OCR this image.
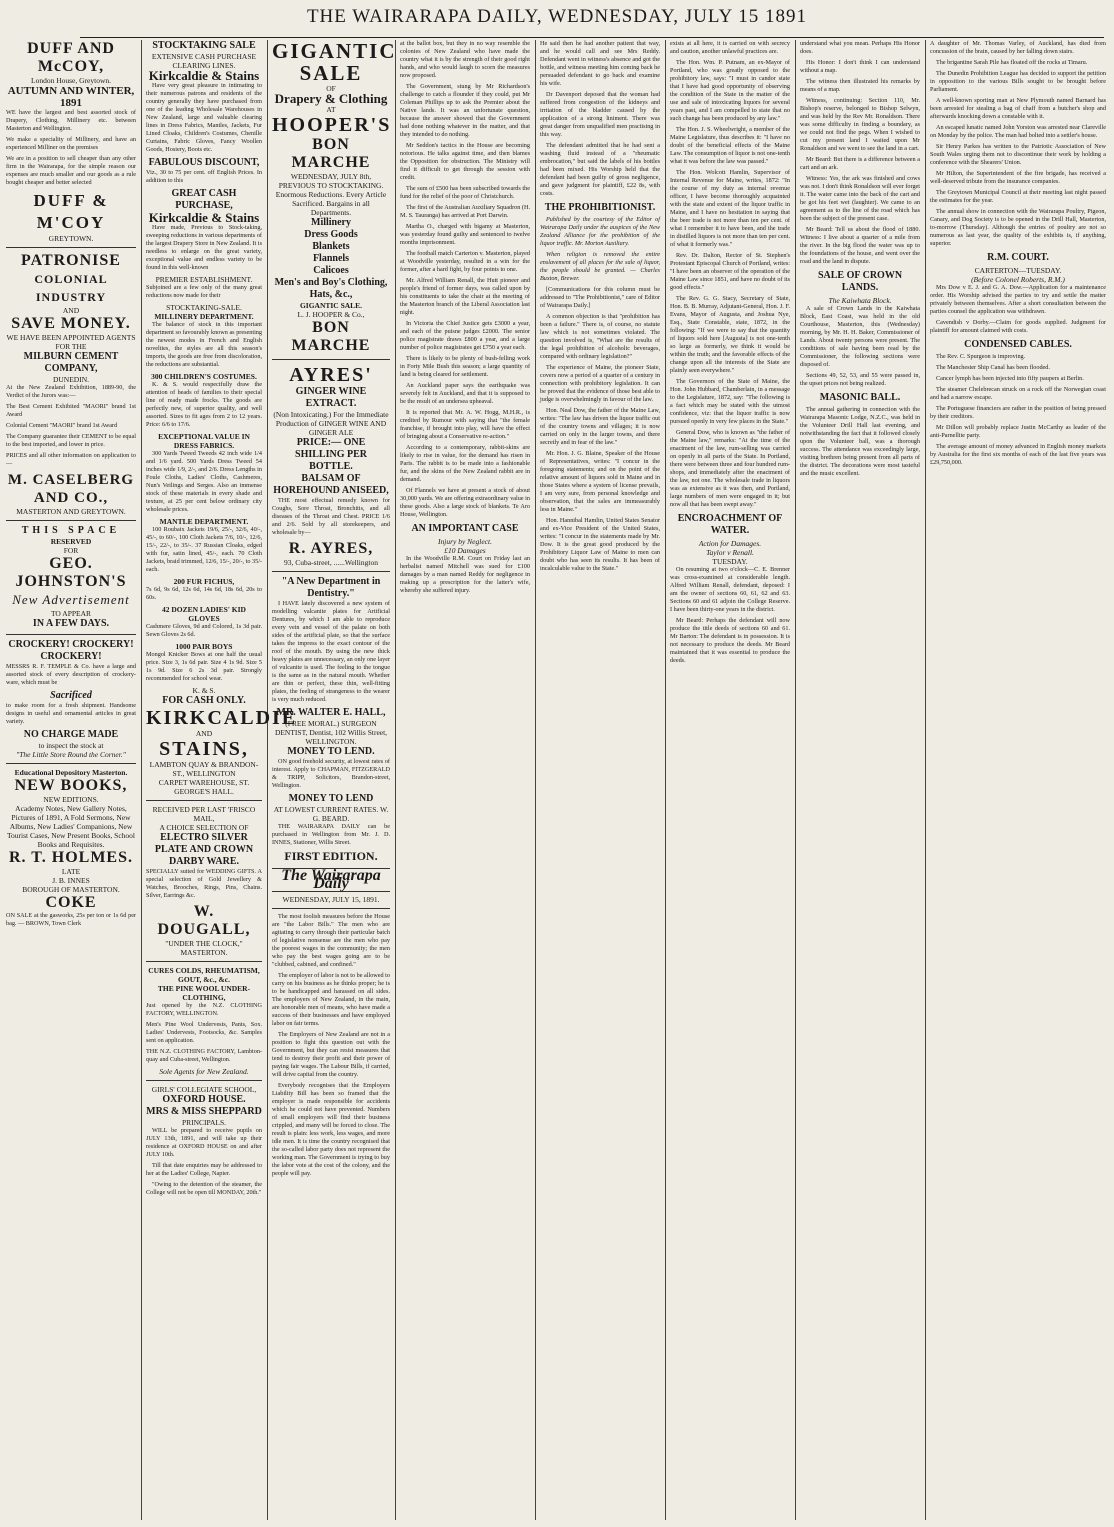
THE WAIRARAPA DAILY, WEDNESDAY, JULY 15 1891
DUFF AND McCOY,
London House, Greytown.
AUTUMN AND WINTER, 1891

WE have the largest and best assorted stock of Drapery, Clothing, Millinery etc. between Masterton and Wellington.

We make a speciality of Millinery, and have an experienced Milliner on the premises

We are in a position to sell cheaper than any other firm in the Wairarapa, for the simple reason our expenses are much smaller and our goods as a rule bought cheaper and better selected

DUFF & M'COY
GREYTOWN.
PATRONISE
COLONIAL INDUSTRY
AND
SAVE MONEY.
WE HAVE BEEN APPOINTED AGENTS FOR THE
MILBURN CEMENT COMPANY,
DUNEDIN.

At the New Zealand Exhibition, 1889-90, the Verdict of the Jurors was:—

The Best Cement Exhibited "MAORI" brand 1st Award

Colonial Cement "MAORI" brand 1st Award

The Company guarantee their CEMENT to be equal to the best imported, and lower in price.

PRICES and all other information on application to—

M. CASELBERG AND CO.,
MASTERTON AND GREYTOWN.
THIS SPACE
RESERVED
FOR
GEO.
JOHNSTON'S
New Advertisement
TO APPEAR
IN A FEW DAYS.
CROCKERY! CROCKERY! CROCKERY!

MESSRS R. F. TEMPLE & Co. have a large and assorted stock of every description of crockery-ware, which must be

Sacrificed

to make room for a fresh shipment. Handsome designs in useful and ornamental articles in great variety.

NO CHARGE MADE
to inspect the stock at
"The Little Store Round the Corner."
Educational Depository Masterton.
NEW BOOKS,
NEW EDITIONS.
Academy Notes, New Gallery Notes, Pictures of 1891, A Fold Sermons, New Albums, New Ladies' Companions, New Tourist Cases, New Present Books, School Books and Requisites.
R. T. HOLMES.
LATE
J. B. INNES
BOROUGH OF MASTERTON.
COKE

ON SALE at the gasworks, 25s per ton or 1s 6d per bag. — BROWN, Town Clerk

STOCKTAKING SALE
EXTENSIVE CASH PURCHASE CLEARING LINES.
Kirkcaldie & Stains

Have very great pleasure in intimating to their numerous patrons and residents of the country generally they have purchased from one of the leading Wholesale Warehouses in New Zealand, large and valuable clearing lines in Dress Fabrics, Mantles, Jackets, Fur Lined Cloaks, Children's Costumes, Chenille Curtains, Fabric Gloves, Fancy Woollen Goods, Hosiery, Boots etc.

FABULOUS DISCOUNT,

Viz., 30 to 75 per cent. off English Prices. In addition to this

GREAT CASH PURCHASE,
Kirkcaldie & Stains

Have made, Previous to Stock-taking, sweeping reductions in various departments of the largest Drapery Store in New Zealand. It is needless to enlarge on the great variety, exceptional value and endless variety to be found in this well-known

PREMIER ESTABLISHMENT.

Subjoined are a few only of the many great reductions now made for their

STOCKTAKING-SALE.
MILLINERY DEPARTMENT.

The balance of stock in this important department so favourably known as presenting the newest modes in French and English novelties, the styles are all this season's imports, the goods are free from discoloration, the reductions are substantial.

300 CHILDREN'S COSTUMES.

K. & S. would respectfully draw the attention of heads of families to their special line of ready made frocks. The goods are perfectly new, of superior quality, and well assorted. Sizes to fit ages from 2 to 12 years. Price: 6/6 to 17/6.

EXCEPTIONAL VALUE IN DRESS FABRICS.

300 Yards Tweed Tweeds 42 inch wide 1/4 and 1/6 yard. 500 Yards Dress Tweed 54 inches wide 1/9, 2/-, and 2/6. Dress Lengths in Foule Cloths, Ladies' Cloths, Cashmeres, Nun's Veilings and Serges. Also an immense stock of these materials in every shade and texture, at 25 per cent below ordinary city wholesale prices.

MANTLE DEPARTMENT.

100 Roubaix Jackets 19/6, 25/-, 32/6, 40/-, 45/-, to 60/-, 100 Cloth Jackets 7/6, 10/-, 12/6, 15/-, 22/-, to 35/-. 37 Russian Cloaks, edged with fur, satin lined, 45/-, each. 70 Cloth Jackets, braid trimmed, 12/6, 15/-, 20/-, to 35/- each.

200 FUR FICHUS,

7s 6d, 9s 6d, 12s 6d, 14s 6d, 18s 6d, 20s to 60s.

42 DOZEN LADIES' KID GLOVES

Cashmere Gloves, 9d and Colored, 1s 3d pair. Sewn Gloves 2s 6d.

1000 PAIR BOYS

Mongol Knicker Bows at one half the usual price. Size 3, 1s 6d pair. Size 4 1s 9d. Size 5 1s 9d. Size 6 2s 3d pair. Strongly recommended for school wear.

K. & S.
FOR CASH ONLY.
KIRKCALDIE
AND
STAINS,
LAMBTON QUAY & BRANDON-ST., WELLINGTON
CARPET WAREHOUSE, ST. GEORGE'S HALL.
RECEIVED PER LAST 'FRISCO MAIL,
A CHOICE SELECTION OF
ELECTRO SILVER PLATE AND CROWN DARBY WARE.

SPECIALLY suited for WEDDING GIFTS. A special selection of Gold Jewellery & Watches, Brooches, Rings, Pins, Chains. Silver, Earrings &c.

W. DOUGALL,
"UNDER THE CLOCK,"
MASTERTON.
CURES COLDS, RHEUMATISM, GOUT, &c., &c.
THE PINE WOOL UNDER-CLOTHING,

Just opened by the N.Z. CLOTHING FACTORY, WELLINGTON.

Men's Pine Wool Undervests, Pants, Sox. Ladies' Undervests, Footsocks, &c. Samples sent on application.

THE N.Z. CLOTHING FACTORY, Lambton-quay and Cuba-street, Wellington.

Sole Agents for New Zealand.
GIRLS' COLLEGIATE SCHOOL,
OXFORD HOUSE.
MRS & MISS SHEPPARD
PRINCIPALS.

WILL be prepared to receive pupils on JULY 13th, 1891, and will take up their residence at OXFORD HOUSE on and after JULY 10th.

Till that date enquiries may be addressed to her at the Ladies' College, Napier.

"Owing to the detention of the steamer, the College will not be open till MONDAY, 20th."

GIGANTIC SALE
OF
Drapery & Clothing
AT
HOOPER'S
BON MARCHE
WEDNESDAY, JULY 8th, PREVIOUS TO STOCKTAKING.
Enormous Reductions. Every Article Sacrificed. Bargains in all Departments.
Millinery
Dress Goods
Blankets
Flannels
Calicoes
Men's and Boy's Clothing, Hats, &c.,
GIGANTIC SALE.
L. J. HOOPER & Co.,
BON MARCHE
AYRES'
GINGER WINE EXTRACT.
(Non Intoxicating.) For the Immediate Production of GINGER WINE AND GINGER ALE
PRICE:— ONE SHILLING PER BOTTLE.
BALSAM OF HOREHOUND ANISEED,

THE most effectual remedy known for Coughs, Sore Throat, Bronchitis, and all diseases of the Throat and Chest. PRICE 1/6 and 2/6. Sold by all storekeepers, and wholesale by—

R. AYRES,
93, Cuba-street, ......Wellington
"A New Department in Dentistry."

I HAVE lately discovered a new system of modelling valcanite plates for Artificial Dentures, by which I am able to reproduce every vein and vessel of the palate on both sides of the artificial plate, so that the surface takes the impress to the exact contour of the roof of the mouth. By using the new thick heavy plates are unnecessary, an only one layer of vulcanite is used. The feeling to the tongue is the same as in the natural mouth. Whether are thin or perfect, these thin, well-fitting plates, the feeling of strangeness to the wearer is very much reduced.

MR. WALTER E. HALL,
(FREE MORAL.) SURGEON DENTIST, Dentist, 102 Willis Street, WELLINGTON.
MONEY TO LEND.

ON good freehold security, at lowest rates of interest. Apply to CHAPMAN, FITZGERALD & TRIPP, Solicitors, Brandon-street, Wellington.

MONEY TO LEND
AT LOWEST CURRENT RATES. W. G. BEARD.

THE WAIRARAPA DAILY can be purchased in Wellington from Mr. J. D. INNES, Stationer, Willis Street.

FIRST EDITION.
The Wairarapa Daily
WEDNESDAY, JULY 15, 1891.

The most foolish measures before the House are "the Labor Bills." The men who are agitating to carry through their particular batch of legislative nonsense are the men who pay the poorest wages in the community; the men who pay the best wages going are to be "clubbed, cabined, and confined."

The employer of labor is not to be allowed to carry on his business as he thinks proper; he is to be handicapped and harassed on all sides. The employers of New Zealand, in the main, are honorable men of means, who have made a success of their businesses and have employed labor on fair terms.

The Employers of New Zealand are not in a position to fight this question out with the Government, but they can resist measures that tend to destroy their profit and their power of paying fair wages. The Labour Bills, if carried, will drive capital from the country.

Everybody recognises that the Employers Liability Bill has been so framed that the employer is made responsible for accidents which he could not have prevented. Numbers of small employers will find their business crippled, and many will be forced to close. The result is plain: less work, less wages, and more idle men. It is time the country recognised that the so-called labor party does not represent the working man. The Government is trying to buy the labor vote at the cost of the colony, and the people will pay.

at the ballot box, but they in no way resemble the colonies of New Zealand who have made the country what it is by the strength of their good right hands, and who would laugh to scorn the measures now proposed.

The Government, stung by Mr Richardson's challenge to catch a flounder if they could, put Mr Coleman Phillips up to ask the Premier about the Native lands. It was an unfortunate question, because the answer showed that the Government had done nothing whatever in the matter, and that they intended to do nothing.

Mr Seddon's tactics in the House are becoming notorious. He talks against time, and then blames the Opposition for obstruction. The Ministry will find it difficult to get through the session with credit.

The sum of £500 has been subscribed towards the fund for the relief of the poor of Christchurch.

The first of the Australian Auxiliary Squadron (H. M. S. Tauranga) has arrived at Port Darwin.

Martha O., charged with bigamy at Masterton, was yesterday found guilty and sentenced to twelve months imprisonment.

The football match Carterton v. Masterton, played at Woodville yesterday, resulted in a win for the former, after a hard fight, by four points to one.

Mr. Alfred William Renall, the Hutt pioneer and people's friend of former days, was called upon by his constituents to take the chair at the meeting of the Masterton branch of the Liberal Association last night.

In Victoria the Chief Justice gets £3000 a year, and each of the puisne judges £2000. The senior police magistrate draws £800 a year, and a large number of police magistrates get £750 a year each.

There is likely to be plenty of bush-felling work in Forty Mile Bush this season; a large quantity of land is being cleared for settlement.

An Auckland paper says the earthquake was severely felt in Auckland, and that it is supposed to be the result of an undersea upheaval.

It is reported that Mr. A. W. Hogg, M.H.R., is credited by Rumour with saying that "the female franchise, if brought into play, will have the effect of bringing about a Conservative re-action."

According to a contemporary, rabbit-skins are likely to rise in value, for the demand has risen in Paris. The rabbit is to be made into a fashionable fur, and the skins of the New Zealand rabbit are in demand.

Of Flannels we have at present a stock of about 30,000 yards. We are offering extraordinary value in these goods. Also a large stock of blankets. Te Aro House, Wellington.

AN IMPORTANT CASE
Injury by Neglect.
£10 Damages

In the Woodville R.M. Court on Friday last an herbalist named Mitchell was sued for £100 damages by a man named Reddy for negligence in making up a prescription for the latter's wife, whereby she suffered injury.

He said then he had another patient that way, and he would call and see Mrs Reddy. Defendant went in witness's absence and got the bottle, and witness meeting him coming back he persuaded defendant to go back and examine his wife.

Dr Davenport deposed that the woman had suffered from congestion of the kidneys and irritation of the bladder caused by the application of a strong liniment. There was great danger from unqualified men practising in this way.

The defendant admitted that he had sent a washing fluid instead of a "rheumatic embrocation," but said the labels of his bottles had been mixed. His Worship held that the defendant had been guilty of gross negligence, and gave judgment for plaintiff, £22 8s, with costs.

THE PROHIBITIONIST.

Published by the courtesy of the Editor of Wairarapa Daily under the auspices of the New Zealand Alliance for the prohibition of the liquor traffic. Mr. Morton Auxiliary.

When religion is removed the entire enslavement of all places for the sale of liquor, the people should be granted. — Charles Buxton, Brewer.

[Communications for this column must be addressed to "The Prohibitionist," care of Editor of Wairarapa Daily.]

A common objection is that "prohibition has been a failure." There is, of course, no statute law which is not sometimes violated. The question involved is, "What are the results of the legal prohibition of alcoholic beverages, compared with ordinary legislation?"

The experience of Maine, the pioneer State, covers now a period of a quarter of a century in connection with prohibitory legislation. It can be proved that the evidence of those best able to judge is overwhelmingly in favour of the law.

Hon. Neal Dow, the father of the Maine Law, writes: "The law has driven the liquor traffic out of the country towns and villages; it is now carried on only in the larger towns, and there secretly and in fear of the law."

Mr. Hon. J. G. Blaine, Speaker of the House of Representatives, writes: "I concur in the foregoing statements; and on the point of the relative amount of liquors sold in Maine and in those States where a system of license prevails, I am very sure, from personal knowledge and observation, that the sales are immeasurably less in Maine."

Hon. Hannibal Hamlin, United States Senator and ex-Vice President of the United States, writes: "I concur in the statements made by Mr. Dow. It is the great good produced by the Prohibitory Liquor Law of Maine to men can doubt who has seen its results. It has been of incalculable value to the State."

exists at all here, it is carried on with secrecy and caution, another unlawful practices are.

The Hon. Wm. P. Putnam, an ex-Mayor of Portland, who was greatly opposed to the prohibitory law, says: "I must in candor state that I have had good opportunity of observing the condition of the State in the matter of the use and sale of intoxicating liquors for several years past, and I am compelled to state that no such change has been produced by any law."

The Hon. J. S. Wheelwright, a member of the Maine Legislature, thus describes it: "I have no doubt of the beneficial effects of the Maine Law. The consumption of liquor is not one-tenth what it was before the law was passed."

The Hon. Wolcott Hamlin, Supervisor of Internal Revenue for Maine, writes, 1872: "In the course of my duty as internal revenue officer, I have become thoroughly acquainted with the state and extent of the liquor traffic in Maine, and I have no hesitation in saying that the beer trade is not more than ten per cent. of what I remember it to have been, and the trade in distilled liquors is not more than ten per cent. of what it formerly was."

Rev. Dr. Dalton, Rector of St. Stephen's Protestant Episcopal Church of Portland, writes: "I have been an observer of the operation of the Maine Law since 1851, and have no doubt of its good effects."

The Rev. G. G. Stacy, Secretary of State, Hon. B. B. Murray, Adjutant-General, Hon. J. F. Evans, Mayor of Augusta, and Joshua Nye, Esq., State Constable, state, 1872, in the following: "If we were to say that the quantity of liquors sold here [Augusta] is not one-tenth so large as formerly, we think it would be within the truth; and the favorable effects of the change upon all the interests of the State are plainly seen everywhere."

The Governors of the State of Maine, the Hon. John Hubbard, Chamberlain, in a message to the Legislature, 1872, say: "The following is a fact which may be stated with the utmost confidence, viz: that the liquor traffic is now pursued openly in very few places in the State."

General Dow, who is known as "the father of the Maine law," remarks: "At the time of the enactment of the law, rum-selling was carried on openly in all parts of the State. In Portland, there were between three and four hundred rum-shops, and immediately after the enactment of the law, not one. The wholesale trade in liquors was as extensive as it was then, and Portland, large numbers of men were engaged in it; but now all that has been swept away."

ENCROACHMENT OF WATER.
Action for Damages.
Taylor v Renall.
TUESDAY.

On resuming at two o'clock—C. E. Brenner was cross-examined at considerable length. Alfred William Renall, defendant, deposed: I am the owner of sections 60, 61, 62 and 63. Sections 60 and 61 adjoin the College Reserve. I have been thirty-one years in the district.

Mr Beard: Perhaps the defendant will now produce the title deeds of sections 60 and 61. Mr Barton: The defendant is in possession. It is not necessary to produce the deeds. Mr Beard maintained that it was essential to produce the deeds.

understand what you mean. Perhaps His Honor does.

His Honor: I don't think I can understand without a map.

The witness then illustrated his remarks by means of a map.

Witness, continuing: Section 110, Mr. Bishop's reserve, belonged to Bishop Selwyn, and was held by the Rev Mr. Ronaldson. There was some difficulty in finding a boundary, as we could not find the pegs. When I wished to cut my present land I waited upon Mr Ronaldson and we went to see the land in a cart.

Mr Beard: But there is a difference between a cart and an ark.

Witness: Yes, the ark was finished and cows was not. I don't think Ronaldson will ever forget it. The water came into the back of the cart and he got his feet wet (laughter). We came to an agreement as to the line of the road which has been the subject of the present case.

Mr Beard: Tell us about the flood of 1880. Witness: I live about a quarter of a mile from the river. In the big flood the water was up to the foundations of the house, and went over the road and the land in dispute.

SALE OF CROWN LANDS.
The Kaiwhata Block.

A sale of Crown Lands in the Kaiwhata Block, East Coast, was held in the old Courthouse, Masterton, this (Wednesday) morning, by Mr. H. H. Baker, Commissioner of Lands. About twenty persons were present. The conditions of sale having been read by the Commissioner, the following sections were disposed of.

Sections 49, 52, 53, and 55 were passed in, the upset prices not being realized.

MASONIC BALL.

The annual gathering in connection with the Wairarapa Masonic Lodge, N.Z.C., was held in the Volunteer Drill Hall last evening, and notwithstanding the fact that it followed closely upon the Volunteer ball, was a thorough success. The attendance was exceedingly large, visiting brethren being present from all parts of the district. The decorations were most tasteful and the music excellent.

A daughter of Mr. Thomas Varley, of Auckland, has died from concussion of the brain, caused by her falling down stairs.

The brigantine Sarah Pile has floated off the rocks at Timaru.

The Dunedin Prohibition League has decided to support the petition in opposition to the various Bills sought to be brought before Parliament.

A well-known sporting man at New Plymouth named Barnard has been arrested for stealing a bag of chaff from a butcher's shop and afterwards knocking down a constable with it.

An escaped lunatic named John Yorston was arrested near Clareville on Monday by the police. The man had bolted into a settler's house.

Sir Henry Parkes has written to the Patriotic Association of New South Wales urging them not to discontinue their work by holding a conference with the Shearers' Union.

Mr Hilton, the Superintendent of the fire brigade, has received a well-deserved tribute from the insurance companies.

The Greytown Municipal Council at their meeting last night passed the estimates for the year.

The annual show in connection with the Wairarapa Poultry, Pigeon, Canary, and Dog Society is to be opened in the Drill Hall, Masterton, to-morrow (Thursday). Although the entries of poultry are not so numerous as last year, the quality of the exhibits is, if anything, superior.

R.M. COURT.
CARTERTON—TUESDAY.
(Before Colonel Roberts, R.M.)

Mrs Dow v E. J. and G. A. Dow.—Application for a maintenance order. His Worship advised the parties to try and settle the matter privately between themselves. After a short consultation between the parties counsel the application was withdrawn.

Cavendish v Dorby.—Claim for goods supplied. Judgment for plaintiff for amount claimed with costs.

CONDENSED CABLES.

The Rev. C. Spurgeon is improving.

The Manchester Ship Canal has been flooded.

Cancer lymph has been injected into fifty paupers at Berlin.

The steamer Chelebrecan struck on a rock off the Norwegian coast and had a narrow escape.

The Portuguese financiers are rather in the position of being pressed by their creditors.

Mr Dillon will probably replace Justin McCarthy as leader of the anti-Parnellite party.

The average amount of money advanced in English money markets by Australia for the first six months of each of the last five years was £29,750,000.
